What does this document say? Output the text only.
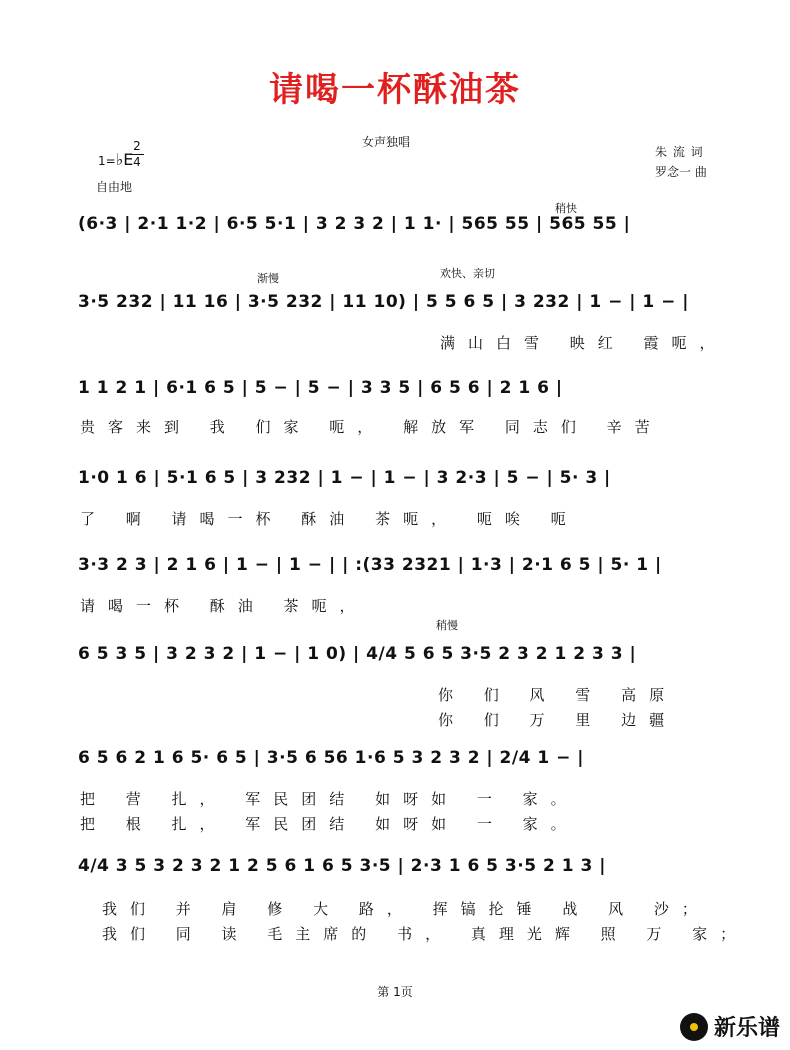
请喝一杯酥油茶
女声独唱
1=♭E
2
4
自由地
朱 流 词
罗念一 曲
稍快
(6·3 | 2·1 1·2 | 6·5 5·1 | 3 2 3 2 | 1 1· | 565 55 | 565 55 |
渐慢	欢快、亲切
3·5 232 | 11 16 | 3·5 232 | 11 10) | 5 5 6 5 | 3 232 | 1 − | 1 − |
满山白雪 映红 霞呃，
1 1 2 1 | 6·1 6 5 | 5 − | 5 − | 3 3 5 | 6 5 6 | 2 1 6 |
贵客来到 我 们家 呃， 解放军 同志们 辛苦
1·0 1 6 | 5·1 6 5 | 3 232 | 1 − | 1 − | 3 2·3 | 5 − | 5· 3 |
了 啊 请喝一杯 酥油 茶呃， 呃唉 呃
3·3 2 3 | 2 1 6 | 1 − | 1 − | | :(33 2321 | 1·3 | 2·1 6 5 | 5· 1 |
请喝一杯 酥油 茶呃，
稍慢
6 5 3 5 | 3 2 3 2 | 1 − | 1 0) | 4/4 5 6 5 3·5 2 3 2 1 2 3 3 |
你 们 风 雪 高原
你 们 万 里 边疆
6 5 6 2 1 6 5· 6 5 | 3·5 6 56 1·6 5 3 2 3 2 | 2/4 1 − |
把 营 扎， 军民团结 如呀如 一 家。
把 根 扎， 军民团结 如呀如 一 家。
4/4 3 5 3 2 3 2 1 2 5 6 1 6 5 3·5 | 2·3 1 6 5 3·5 2 1 3 |
我们 并 肩 修 大 路， 挥镐抡锤 战 风 沙；
我们 同 读 毛主席的 书， 真理光辉 照 万 家；
第 1页
新乐谱
